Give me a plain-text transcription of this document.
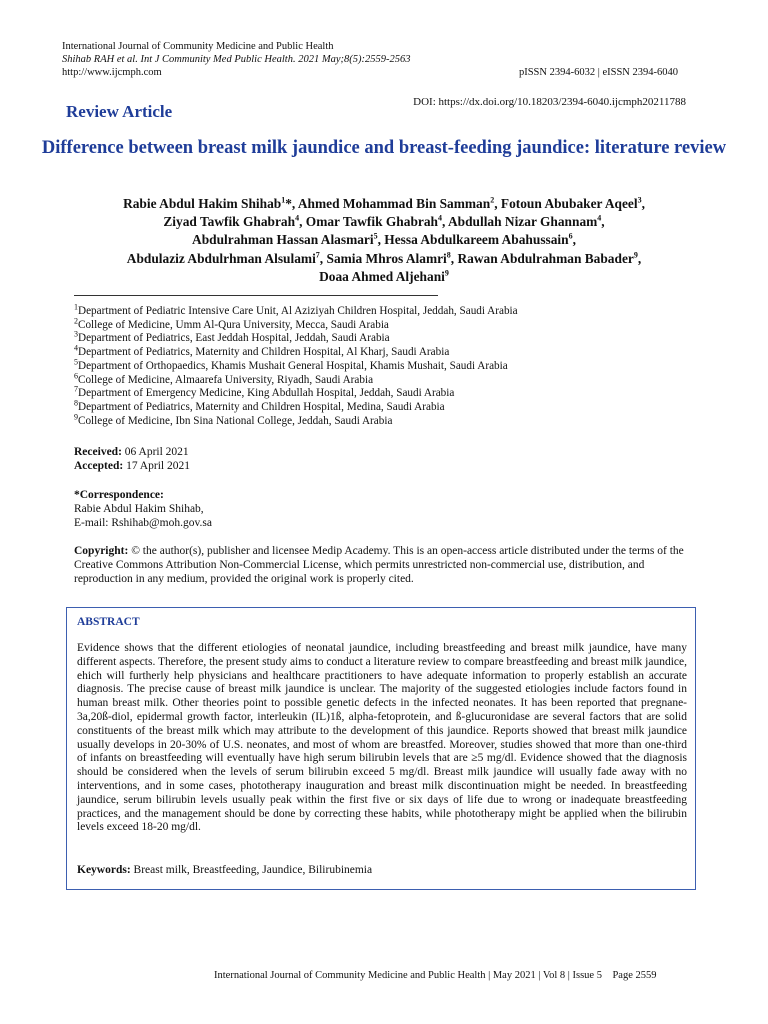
International Journal of Community Medicine and Public Health
Shihab RAH et al. Int J Community Med Public Health. 2021 May;8(5):2559-2563
http://www.ijcmph.com	pISSN 2394-6032 | eISSN 2394-6040
DOI: https://dx.doi.org/10.18203/2394-6040.ijcmph20211788
Review Article
Difference between breast milk jaundice and breast-feeding jaundice: literature review
Rabie Abdul Hakim Shihab$^1$*, Ahmed Mohammad Bin Samman$^2$, Fotoun Abubaker Aqeel$^3$,
Ziyad Tawfik Ghabrah$^4$, Omar Tawfik Ghabrah$^4$, Abdullah Nizar Ghannam$^4$,
Abdulrahman Hassan Alasmari$^5$, Hessa Abdulkareem Abahussain$^6$,
Abdulaziz Abdulrhman Alsulami$^7$, Samia Mhros Alamri$^8$, Rawan Abdulrahman Babader$^9$,
Doaa Ahmed Aljehani$^9$
$^1$Department of Pediatric Intensive Care Unit, Al Aziziyah Children Hospital, Jeddah, Saudi Arabia
$^2$College of Medicine, Umm Al-Qura University, Mecca, Saudi Arabia
$^3$Department of Pediatrics, East Jeddah Hospital, Jeddah, Saudi Arabia
$^4$Department of Pediatrics, Maternity and Children Hospital, Al Kharj, Saudi Arabia
$^5$Department of Orthopaedics, Khamis Mushait General Hospital, Khamis Mushait, Saudi Arabia
$^6$College of Medicine, Almaarefa University, Riyadh, Saudi Arabia
$^7$Department of Emergency Medicine, King Abdullah Hospital, Jeddah, Saudi Arabia
$^8$Department of Pediatrics, Maternity and Children Hospital, Medina, Saudi Arabia
$^9$College of Medicine, Ibn Sina National College, Jeddah, Saudi Arabia
Received: 06 April 2021
Accepted: 17 April 2021
*Correspondence:
Rabie Abdul Hakim Shihab,
E-mail: Rshihab@moh.gov.sa
Copyright: © the author(s), publisher and licensee Medip Academy. This is an open-access article distributed under the terms of the Creative Commons Attribution Non-Commercial License, which permits unrestricted non-commercial use, distribution, and reproduction in any medium, provided the original work is properly cited.
ABSTRACT
Evidence shows that the different etiologies of neonatal jaundice, including breastfeeding and breast milk jaundice, have many different aspects. Therefore, the present study aims to conduct a literature review to compare breastfeeding and breast milk jaundice, ehich will furtherly help physicians and healthcare practitioners to have adequate information to properly establish an accurate diagnosis. The precise cause of breast milk jaundice is unclear. The majority of the suggested etiologies include factors found in human breast milk. Other theories point to possible genetic defects in the infected neonates. It has been reported that pregnane-3a,20ß-diol, epidermal growth factor, interleukin (IL)1ß, alpha-fetoprotein, and ß-glucuronidase are several factors that are solid constituents of the breast milk which may attribute to the development of this jaundice. Reports showed that breast milk jaundice usually develops in 20-30% of U.S. neonates, and most of whom are breastfed. Moreover, studies showed that more than one-third of infants on breastfeeding will eventually have high serum bilirubin levels that are ≥5 mg/dl. Evidence showed that the diagnosis should be considered when the levels of serum bilirubin exceed 5 mg/dl. Breast milk jaundice will usually fade away with no interventions, and in some cases, phototherapy inauguration and breast milk discontinuation might be needed. In breastfeeding jaundice, serum bilirubin levels usually peak within the first five or six days of life due to wrong or inadequate breastfeeding practices, and the management should be done by correcting these habits, while phototherapy might be applied when the bilirubin levels exceed 18-20 mg/dl.
Keywords: Breast milk, Breastfeeding, Jaundice, Bilirubinemia
International Journal of Community Medicine and Public Health | May 2021 | Vol 8 | Issue 5    Page 2559
